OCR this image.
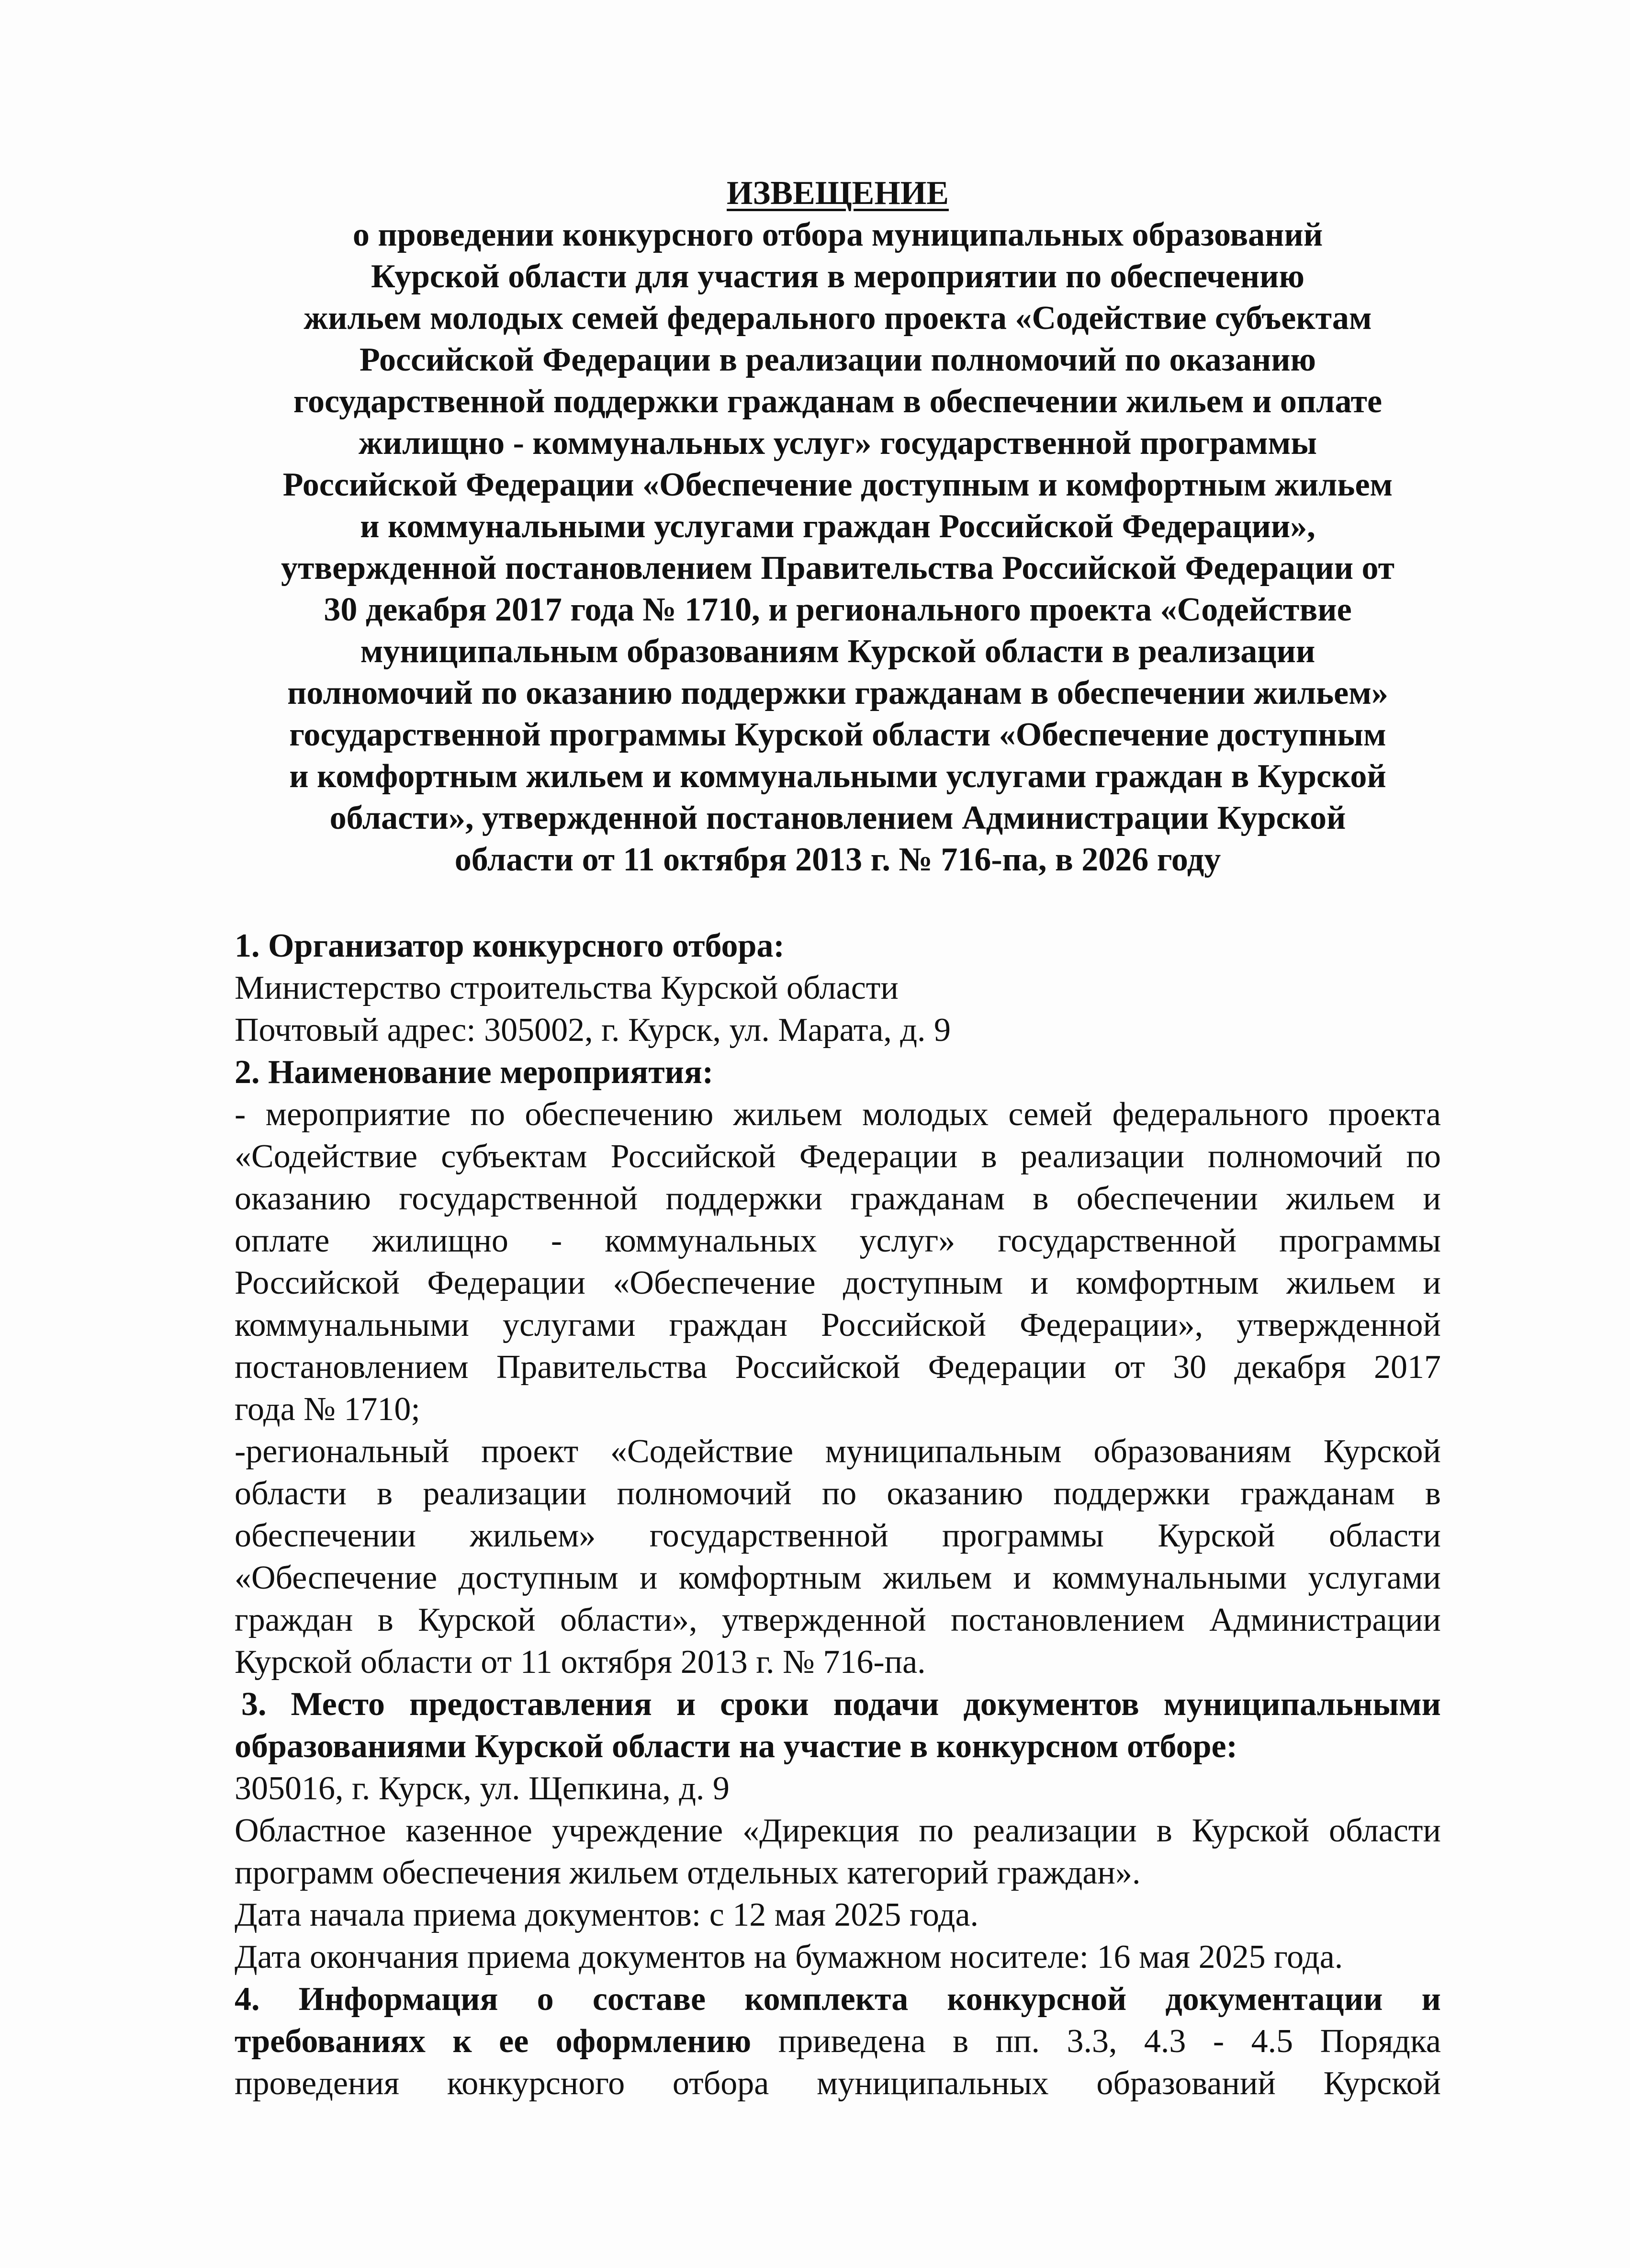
ИЗВЕЩЕНИЕ
о проведении конкурсного отбора муниципальных образований
Курской области для участия в мероприятии по обеспечению
жильем молодых семей федерального проекта «Содействие субъектам
Российской Федерации в реализации полномочий по оказанию
государственной поддержки гражданам в обеспечении жильем и оплате
жилищно - коммунальных услуг» государственной программы
Российской Федерации «Обеспечение доступным и комфортным жильем
и коммунальными услугами граждан Российской Федерации»,
утвержденной постановлением Правительства Российской Федерации от
30 декабря 2017 года № 1710, и регионального проекта «Содействие
муниципальным образованиям Курской области в реализации
полномочий по оказанию поддержки гражданам в обеспечении жильем»
государственной программы Курской области «Обеспечение доступным
и комфортным жильем и коммунальными услугами граждан в Курской
области», утвержденной постановлением Администрации Курской
области от 11 октября 2013 г. № 716-па, в 2026 году
1. Организатор конкурсного отбора:
Министерство строительства Курской области
Почтовый адрес: 305002, г. Курск, ул. Марата, д. 9
2. Наименование мероприятия:
- мероприятие по обеспечению жильем молодых семей федерального проекта
«Содействие субъектам Российской Федерации в реализации полномочий по
оказанию государственной поддержки гражданам в обеспечении жильем и
оплате жилищно - коммунальных услуг» государственной программы
Российской Федерации «Обеспечение доступным и комфортным жильем и
коммунальными услугами граждан Российской Федерации», утвержденной
постановлением Правительства Российской Федерации от 30 декабря 2017
года № 1710;
-региональный проект «Содействие муниципальным образованиям Курской
области в реализации полномочий по оказанию поддержки гражданам в
обеспечении жильем» государственной программы Курской области
«Обеспечение доступным и комфортным жильем и коммунальными услугами
граждан в Курской области», утвержденной постановлением Администрации
Курской области от 11 октября 2013 г. № 716-па.
3. Место предоставления и сроки подачи документов муниципальными
образованиями Курской области на участие в конкурсном отборе:
305016, г. Курск, ул. Щепкина, д. 9
Областное казенное учреждение «Дирекция по реализации в Курской области
программ обеспечения жильем отдельных категорий граждан».
Дата начала приема документов: с 12 мая 2025 года.
Дата окончания приема документов на бумажном носителе: 16 мая 2025 года.
4. Информация о составе комплекта конкурсной документации и
требованиях к ее оформлению приведена в пп. 3.3, 4.3 - 4.5 Порядка
проведения конкурсного отбора муниципальных образований Курской
